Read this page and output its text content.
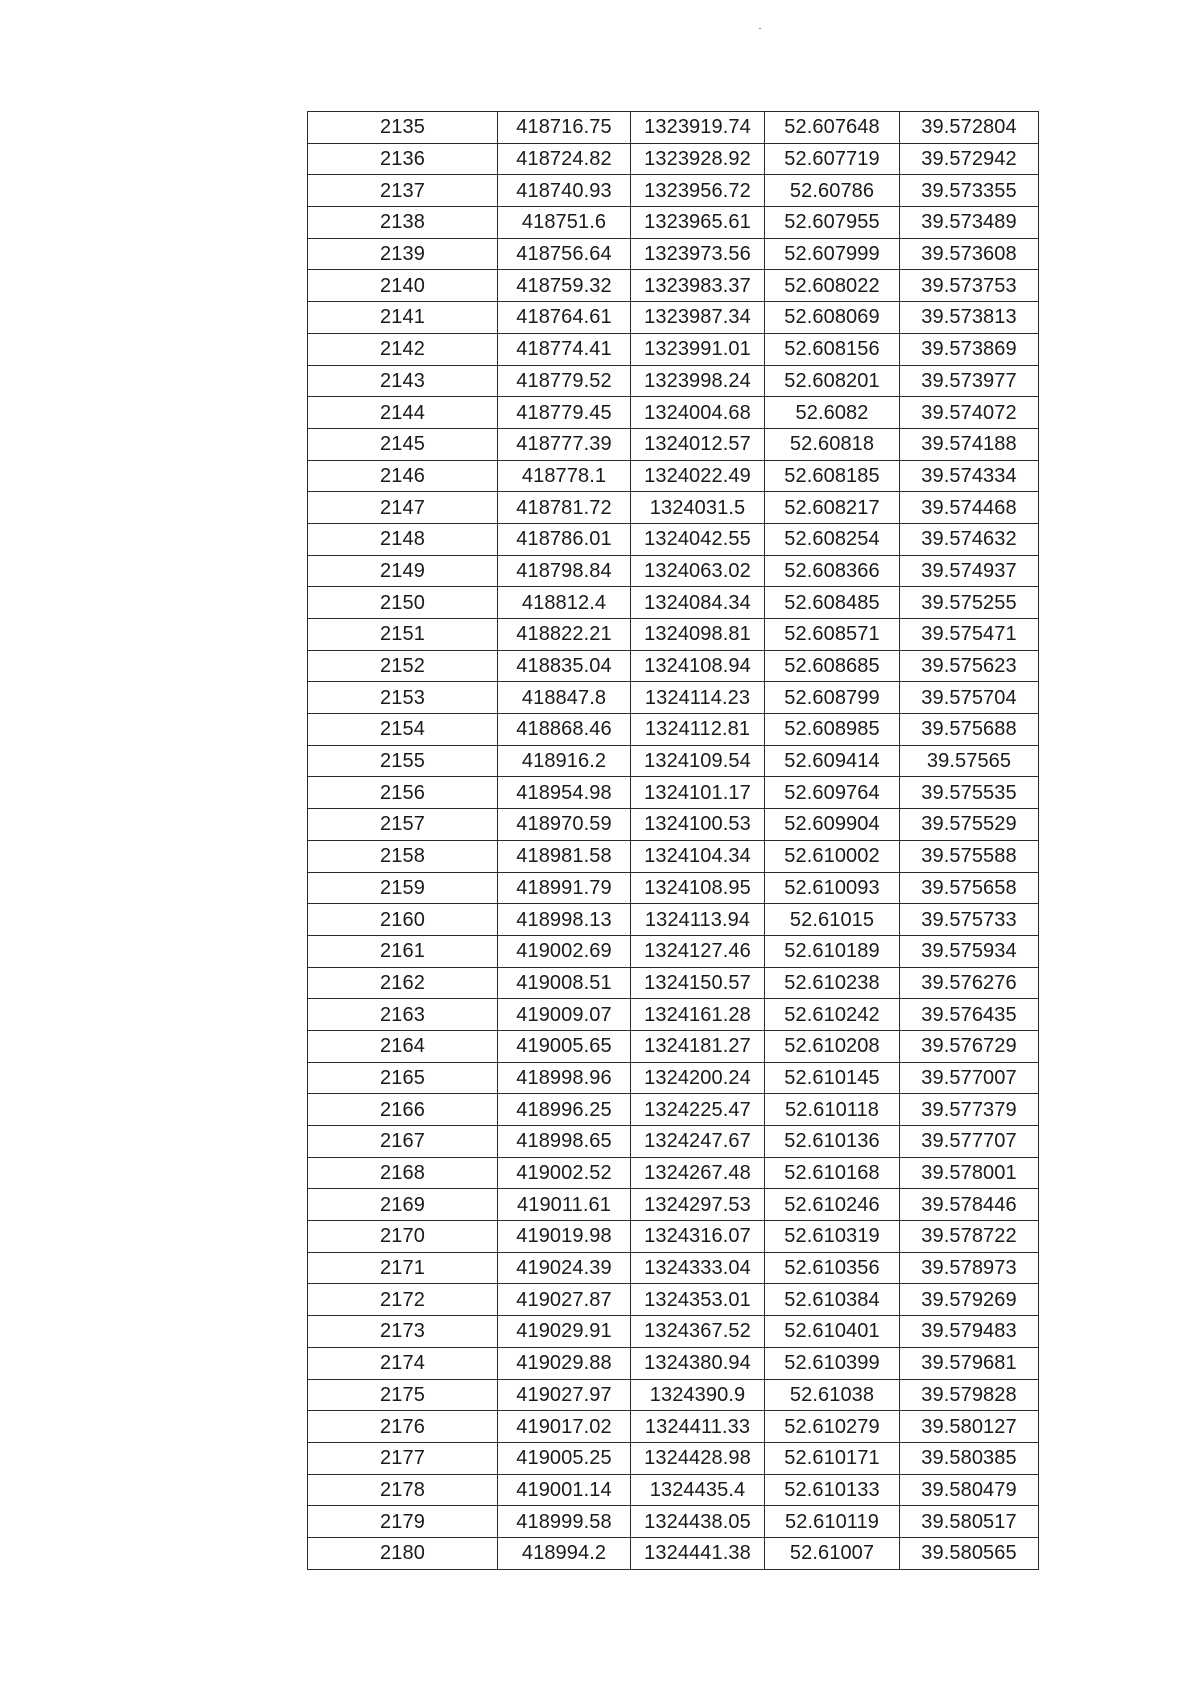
2135	418716.75	1323919.74	52.607648	39.572804
2136	418724.82	1323928.92	52.607719	39.572942
2137	418740.93	1323956.72	52.60786	39.573355
2138	418751.6	1323965.61	52.607955	39.573489
2139	418756.64	1323973.56	52.607999	39.573608
2140	418759.32	1323983.37	52.608022	39.573753
2141	418764.61	1323987.34	52.608069	39.573813
2142	418774.41	1323991.01	52.608156	39.573869
2143	418779.52	1323998.24	52.608201	39.573977
2144	418779.45	1324004.68	52.6082	39.574072
2145	418777.39	1324012.57	52.60818	39.574188
2146	418778.1	1324022.49	52.608185	39.574334
2147	418781.72	1324031.5	52.608217	39.574468
2148	418786.01	1324042.55	52.608254	39.574632
2149	418798.84	1324063.02	52.608366	39.574937
2150	418812.4	1324084.34	52.608485	39.575255
2151	418822.21	1324098.81	52.608571	39.575471
2152	418835.04	1324108.94	52.608685	39.575623
2153	418847.8	1324114.23	52.608799	39.575704
2154	418868.46	1324112.81	52.608985	39.575688
2155	418916.2	1324109.54	52.609414	39.57565
2156	418954.98	1324101.17	52.609764	39.575535
2157	418970.59	1324100.53	52.609904	39.575529
2158	418981.58	1324104.34	52.610002	39.575588
2159	418991.79	1324108.95	52.610093	39.575658
2160	418998.13	1324113.94	52.61015	39.575733
2161	419002.69	1324127.46	52.610189	39.575934
2162	419008.51	1324150.57	52.610238	39.576276
2163	419009.07	1324161.28	52.610242	39.576435
2164	419005.65	1324181.27	52.610208	39.576729
2165	418998.96	1324200.24	52.610145	39.577007
2166	418996.25	1324225.47	52.610118	39.577379
2167	418998.65	1324247.67	52.610136	39.577707
2168	419002.52	1324267.48	52.610168	39.578001
2169	419011.61	1324297.53	52.610246	39.578446
2170	419019.98	1324316.07	52.610319	39.578722
2171	419024.39	1324333.04	52.610356	39.578973
2172	419027.87	1324353.01	52.610384	39.579269
2173	419029.91	1324367.52	52.610401	39.579483
2174	419029.88	1324380.94	52.610399	39.579681
2175	419027.97	1324390.9	52.61038	39.579828
2176	419017.02	1324411.33	52.610279	39.580127
2177	419005.25	1324428.98	52.610171	39.580385
2178	419001.14	1324435.4	52.610133	39.580479
2179	418999.58	1324438.05	52.610119	39.580517
2180	418994.2	1324441.38	52.61007	39.580565
